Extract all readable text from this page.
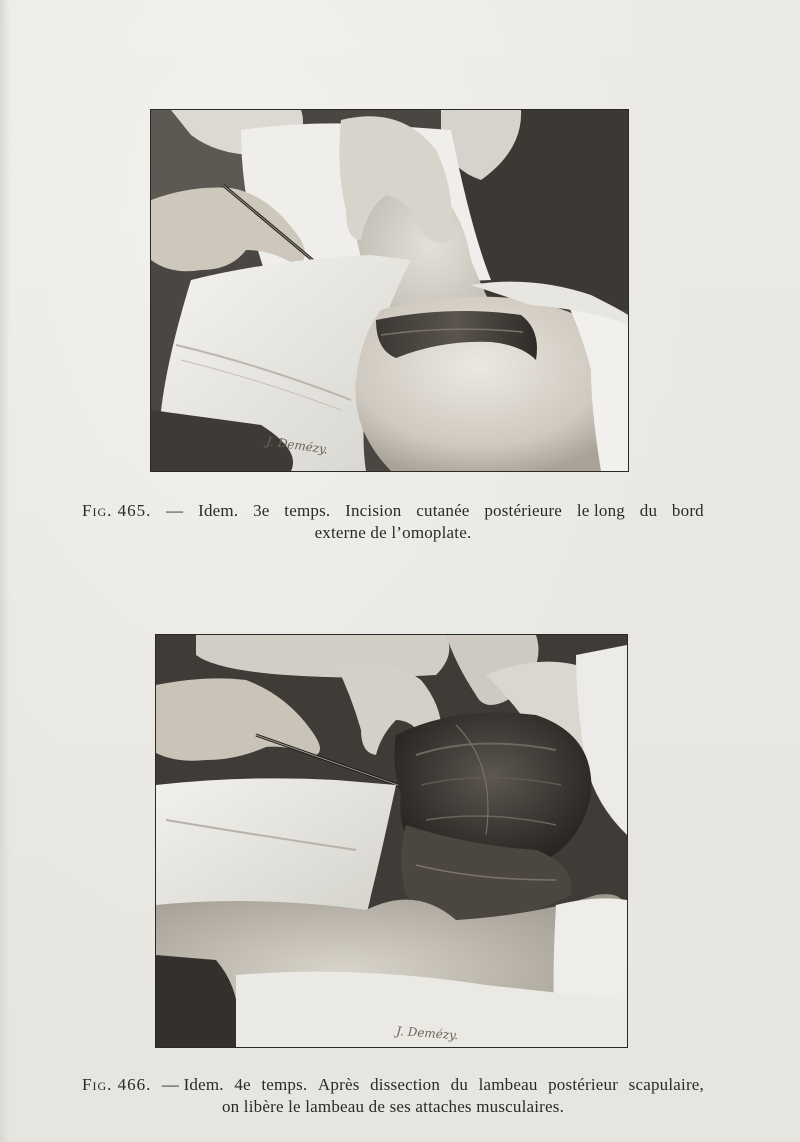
J. Demézy.
Fig. 465. — Idem. 3e temps. Incision cutanée postérieure le long du bord
externe de l’omoplate.
J. Demézy.
Fig. 466. — Idem. 4e temps. Après dissection du lambeau postérieur scapulaire,
on libère le lambeau de ses attaches musculaires.
